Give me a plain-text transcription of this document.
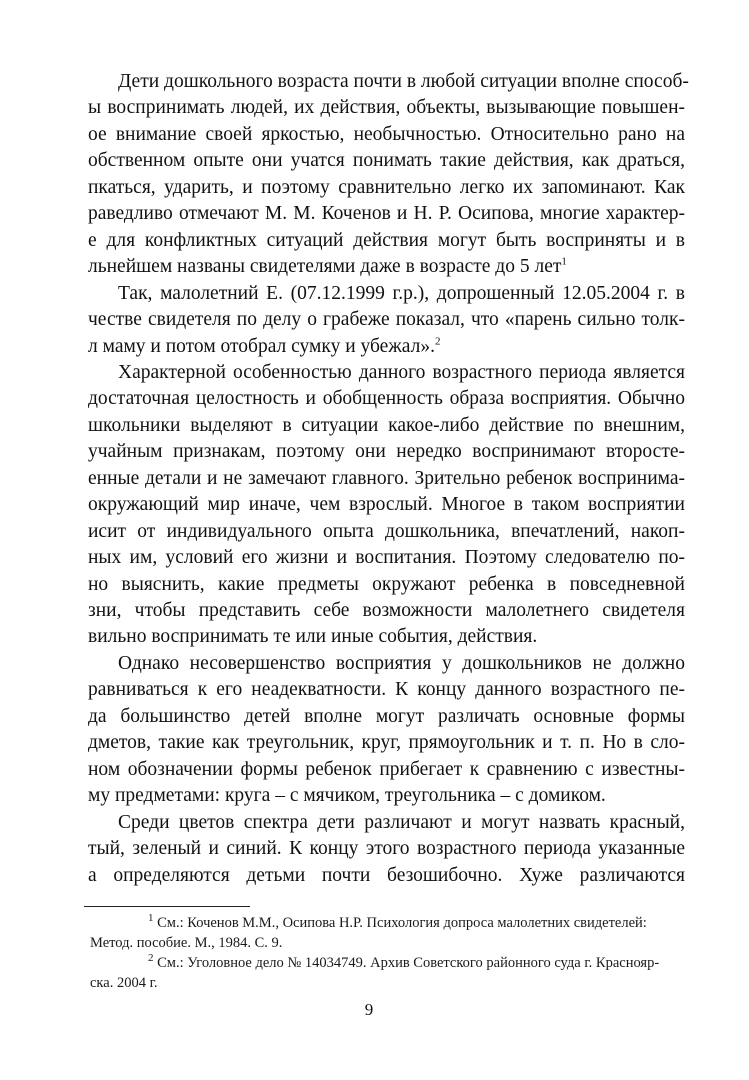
Дети дошкольного возраста почти в любой ситуации вполне способ-
ы воспринимать людей, их действия, объекты, вызывающие повышен-
ое внимание своей яркостью, необычностью. Относительно рано на
обственном опыте они учатся понимать такие действия, как драться,
пкаться, ударить, и поэтому сравнительно легко их запоминают. Как
раведливо отмечают М. М. Коченов и Н. Р. Осипова, многие характер-
е для конфликтных ситуаций действия могут быть восприняты и в
льнейшем названы свидетелями даже в возрасте до 5 лет$^1$
Так, малолетний Е. (07.12.1999 г.р.), допрошенный 12.05.2004 г. в
честве свидетеля по делу о грабеже показал, что «парень сильно толк-
л маму и потом отобрал сумку и убежал».$^2$
Характерной особенностью данного возрастного периода является
достаточная целостность и обобщенность образа восприятия. Обычно
школьники выделяют в ситуации какое-либо действие по внешним,
учайным признакам, поэтому они нередко воспринимают второсте-
енные детали и не замечают главного. Зрительно ребенок воспринима-
окружающий мир иначе, чем взрослый. Многое в таком восприятии
исит от индивидуального опыта дошкольника, впечатлений, накоп-
ных им, условий его жизни и воспитания. Поэтому следователю по-
но выяснить, какие предметы окружают ребенка в повседневной
зни, чтобы представить себе возможности малолетнего свидетеля
вильно воспринимать те или иные события, действия.
Однако несовершенство восприятия у дошкольников не должно
равниваться к его неадекватности. К концу данного возрастного пе-
да большинство детей вполне могут различать основные формы
дметов, такие как треугольник, круг, прямоугольник и т. п. Но в сло-
ном обозначении формы ребенок прибегает к сравнению с известны-
му предметами: круга – с мячиком, треугольника – с домиком.
Среди цветов спектра дети различают и могут назвать красный,
тый, зеленый и синий. К концу этого возрастного периода указанные
а определяются детьми почти безошибочно. Хуже различаются
$^1$ См.: Коченов М.М., Осипова Н.Р. Психология допроса малолетних свидетелей:
Метод. пособие. М., 1984. С. 9.
$^2$ См.: Уголовное дело № 14034749. Архив Советского районного суда г. Краснояр-
ска. 2004 г.
9
